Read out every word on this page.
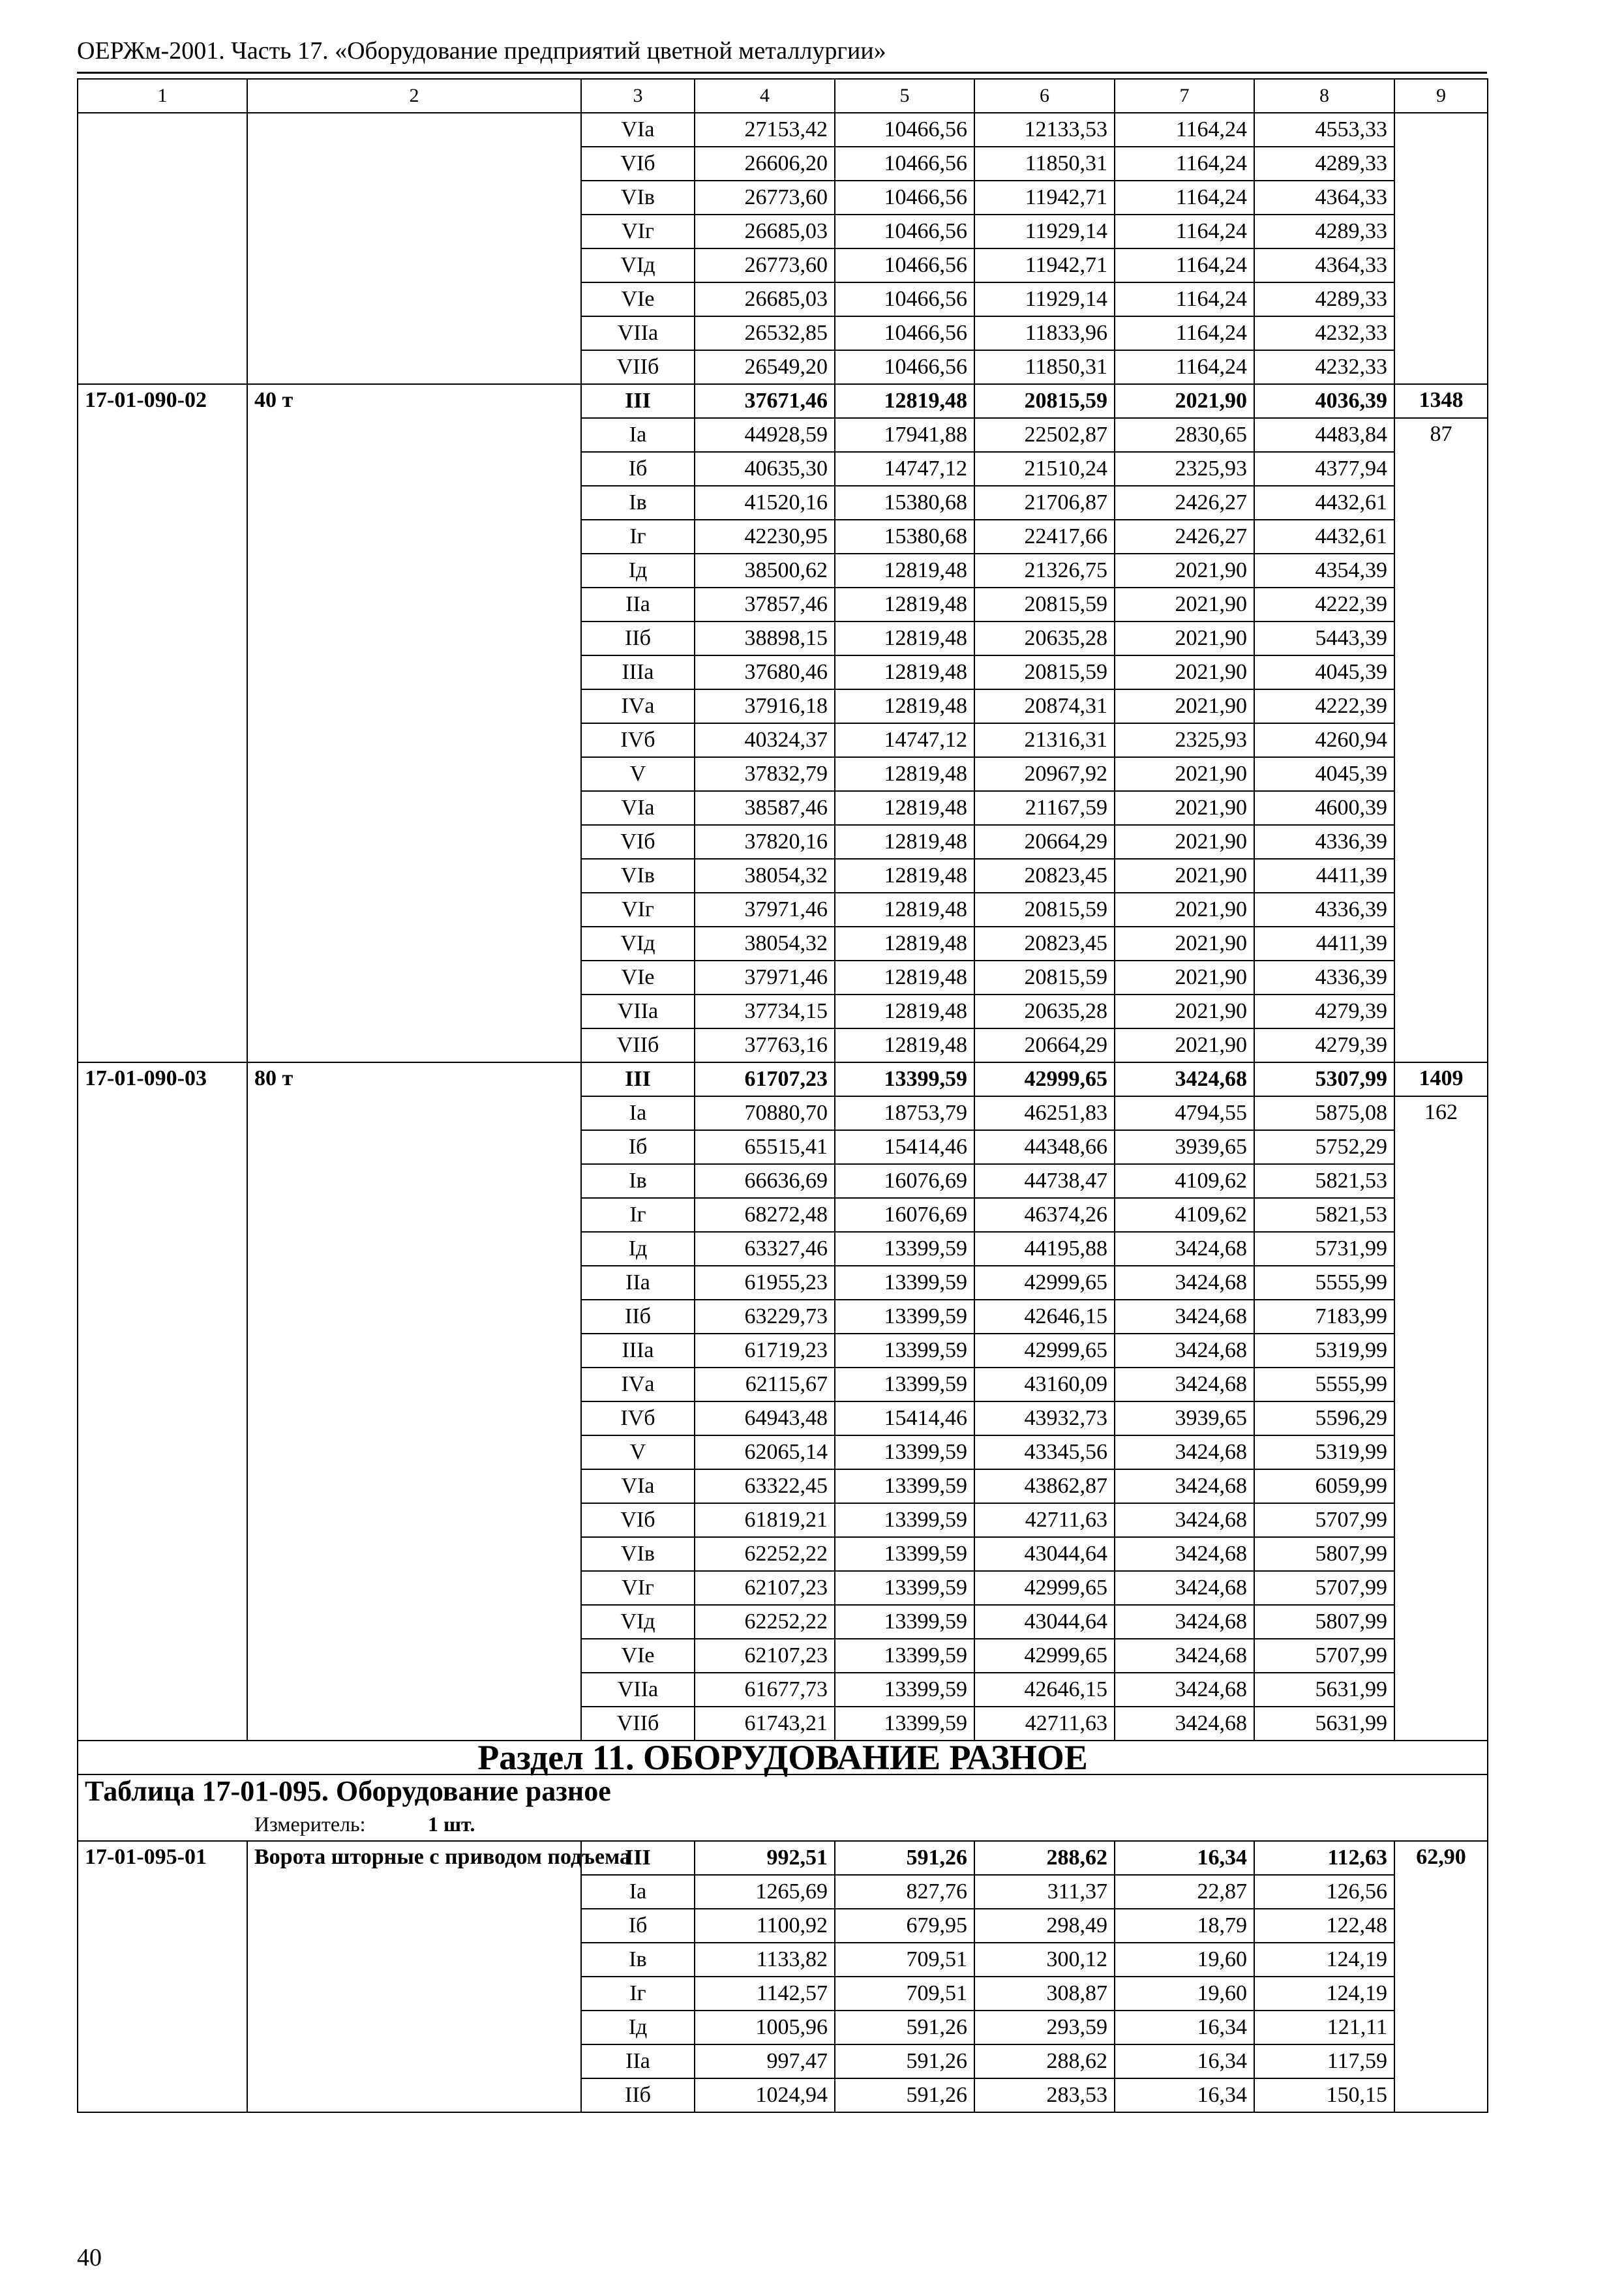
ОЕРЖм-2001. Часть 17. «Оборудование предприятий цветной металлургии»
1	2	3	4	5	6	7	8	9
		VIа	27153,42	10466,56	12133,53	1164,24	4553,33	
		VIб	26606,20	10466,56	11850,31	1164,24	4289,33	
		VIв	26773,60	10466,56	11942,71	1164,24	4364,33	
		VIг	26685,03	10466,56	11929,14	1164,24	4289,33	
		VIд	26773,60	10466,56	11942,71	1164,24	4364,33	
		VIе	26685,03	10466,56	11929,14	1164,24	4289,33	
		VIIа	26532,85	10466,56	11833,96	1164,24	4232,33	
		VIIб	26549,20	10466,56	11850,31	1164,24	4232,33	
17-01-090-02	40 т	III	37671,46	12819,48	20815,59	2021,90	4036,39	1348
		Iа	44928,59	17941,88	22502,87	2830,65	4483,84	87
		Iб	40635,30	14747,12	21510,24	2325,93	4377,94	
		Iв	41520,16	15380,68	21706,87	2426,27	4432,61	
		Iг	42230,95	15380,68	22417,66	2426,27	4432,61	
		Iд	38500,62	12819,48	21326,75	2021,90	4354,39	
		IIа	37857,46	12819,48	20815,59	2021,90	4222,39	
		IIб	38898,15	12819,48	20635,28	2021,90	5443,39	
		IIIа	37680,46	12819,48	20815,59	2021,90	4045,39	
		IVа	37916,18	12819,48	20874,31	2021,90	4222,39	
		IVб	40324,37	14747,12	21316,31	2325,93	4260,94	
		V	37832,79	12819,48	20967,92	2021,90	4045,39	
		VIа	38587,46	12819,48	21167,59	2021,90	4600,39	
		VIб	37820,16	12819,48	20664,29	2021,90	4336,39	
		VIв	38054,32	12819,48	20823,45	2021,90	4411,39	
		VIг	37971,46	12819,48	20815,59	2021,90	4336,39	
		VIд	38054,32	12819,48	20823,45	2021,90	4411,39	
		VIе	37971,46	12819,48	20815,59	2021,90	4336,39	
		VIIа	37734,15	12819,48	20635,28	2021,90	4279,39	
		VIIб	37763,16	12819,48	20664,29	2021,90	4279,39	
17-01-090-03	80 т	III	61707,23	13399,59	42999,65	3424,68	5307,99	1409
		Iа	70880,70	18753,79	46251,83	4794,55	5875,08	162
		Iб	65515,41	15414,46	44348,66	3939,65	5752,29	
		Iв	66636,69	16076,69	44738,47	4109,62	5821,53	
		Iг	68272,48	16076,69	46374,26	4109,62	5821,53	
		Iд	63327,46	13399,59	44195,88	3424,68	5731,99	
		IIа	61955,23	13399,59	42999,65	3424,68	5555,99	
		IIб	63229,73	13399,59	42646,15	3424,68	7183,99	
		IIIа	61719,23	13399,59	42999,65	3424,68	5319,99	
		IVа	62115,67	13399,59	43160,09	3424,68	5555,99	
		IVб	64943,48	15414,46	43932,73	3939,65	5596,29	
		V	62065,14	13399,59	43345,56	3424,68	5319,99	
		VIа	63322,45	13399,59	43862,87	3424,68	6059,99	
		VIб	61819,21	13399,59	42711,63	3424,68	5707,99	
		VIв	62252,22	13399,59	43044,64	3424,68	5807,99	
		VIг	62107,23	13399,59	42999,65	3424,68	5707,99	
		VIд	62252,22	13399,59	43044,64	3424,68	5807,99	
		VIе	62107,23	13399,59	42999,65	3424,68	5707,99	
		VIIа	61677,73	13399,59	42646,15	3424,68	5631,99	
		VIIб	61743,21	13399,59	42711,63	3424,68	5631,99	
Раздел 11. ОБОРУДОВАНИЕ РАЗНОЕ								
Таблица 17-01-095. Оборудование разное								
Измеритель: 1 шт.								
17-01-095-01	Ворота шторные с приводом подъема	III	992,51	591,26	288,62	16,34	112,63	62,90
		Iа	1265,69	827,76	311,37	22,87	126,56	
		Iб	1100,92	679,95	298,49	18,79	122,48	
		Iв	1133,82	709,51	300,12	19,60	124,19	
		Iг	1142,57	709,51	308,87	19,60	124,19	
		Iд	1005,96	591,26	293,59	16,34	121,11	
		IIа	997,47	591,26	288,62	16,34	117,59	
		IIб	1024,94	591,26	283,53	16,34	150,15	
40
